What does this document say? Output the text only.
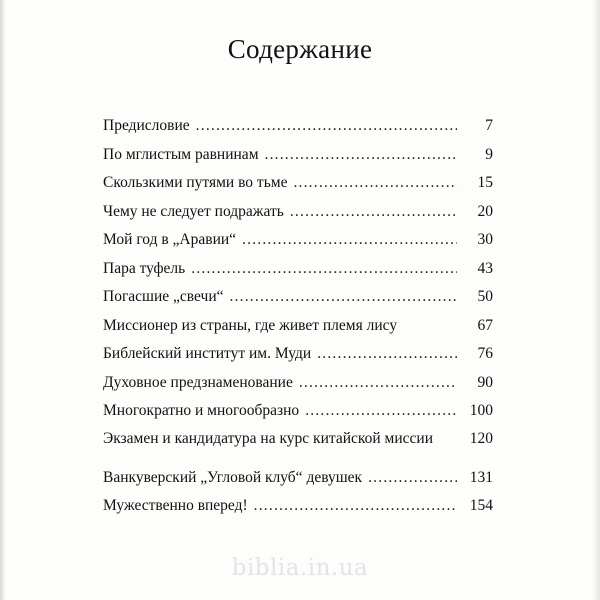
Содержание
Предисловие .....	7
По мглистым равнинам .....	9
Скользкими путями во тьме .....	15
Чему не следует подражать .....	20
Мой год в „Аравии“ .....	30
Пара туфель .....	43
Погасшие „свечи“ .....	50
Миссионер из страны, где живет племя лису	67
Библейский институт им. Муди .....	76
Духовное предзнаменование .....	90
Многократно и многообразно .....	100
Экзамен и кандидатура на курс китайской миссии	120
Ванкуверский „Угловой клуб“ девушек .....	131
Мужественно вперед! .....	154
biblia.in.ua
